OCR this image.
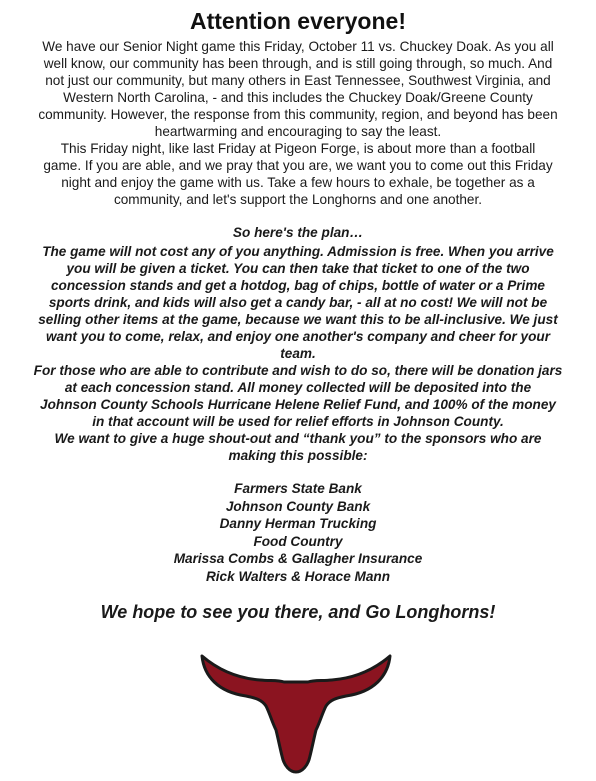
Attention everyone!

We have our Senior Night game this Friday, October 11 vs. Chuckey Doak. As you all

well know, our community has been through, and is still going through, so much. And

not just our community, but many others in East Tennessee, Southwest Virginia, and

Western North Carolina, - and this includes the Chuckey Doak/Greene County

community. However, the response from this community, region, and beyond has been

heartwarming and encouraging to say the least.

This Friday night, like last Friday at Pigeon Forge, is about more than a football

game. If you are able, and we pray that you are, we want you to come out this Friday

night and enjoy the game with us. Take a few hours to exhale, be together as a

community, and let's support the Longhorns and one another.

So here's the plan…

The game will not cost any of you anything. Admission is free. When you arrive

you will be given a ticket. You can then take that ticket to one of the two

concession stands and get a hotdog, bag of chips, bottle of water or a Prime

sports drink, and kids will also get a candy bar, - all at no cost! We will not be

selling other items at the game, because we want this to be all-inclusive. We just

want you to come, relax, and enjoy one another's company and cheer for your

team.

For those who are able to contribute and wish to do so, there will be donation jars

at each concession stand. All money collected will be deposited into the

Johnson County Schools Hurricane Helene Relief Fund, and 100% of the money

in that account will be used for relief efforts in Johnson County.

We want to give a huge shout-out and “thank you” to the sponsors who are

making this possible:

Farmers State Bank
Johnson County Bank
Danny Herman Trucking
Food Country
Marissa Combs & Gallagher Insurance
Rick Walters & Horace Mann

We hope to see you there, and Go Longhorns!
